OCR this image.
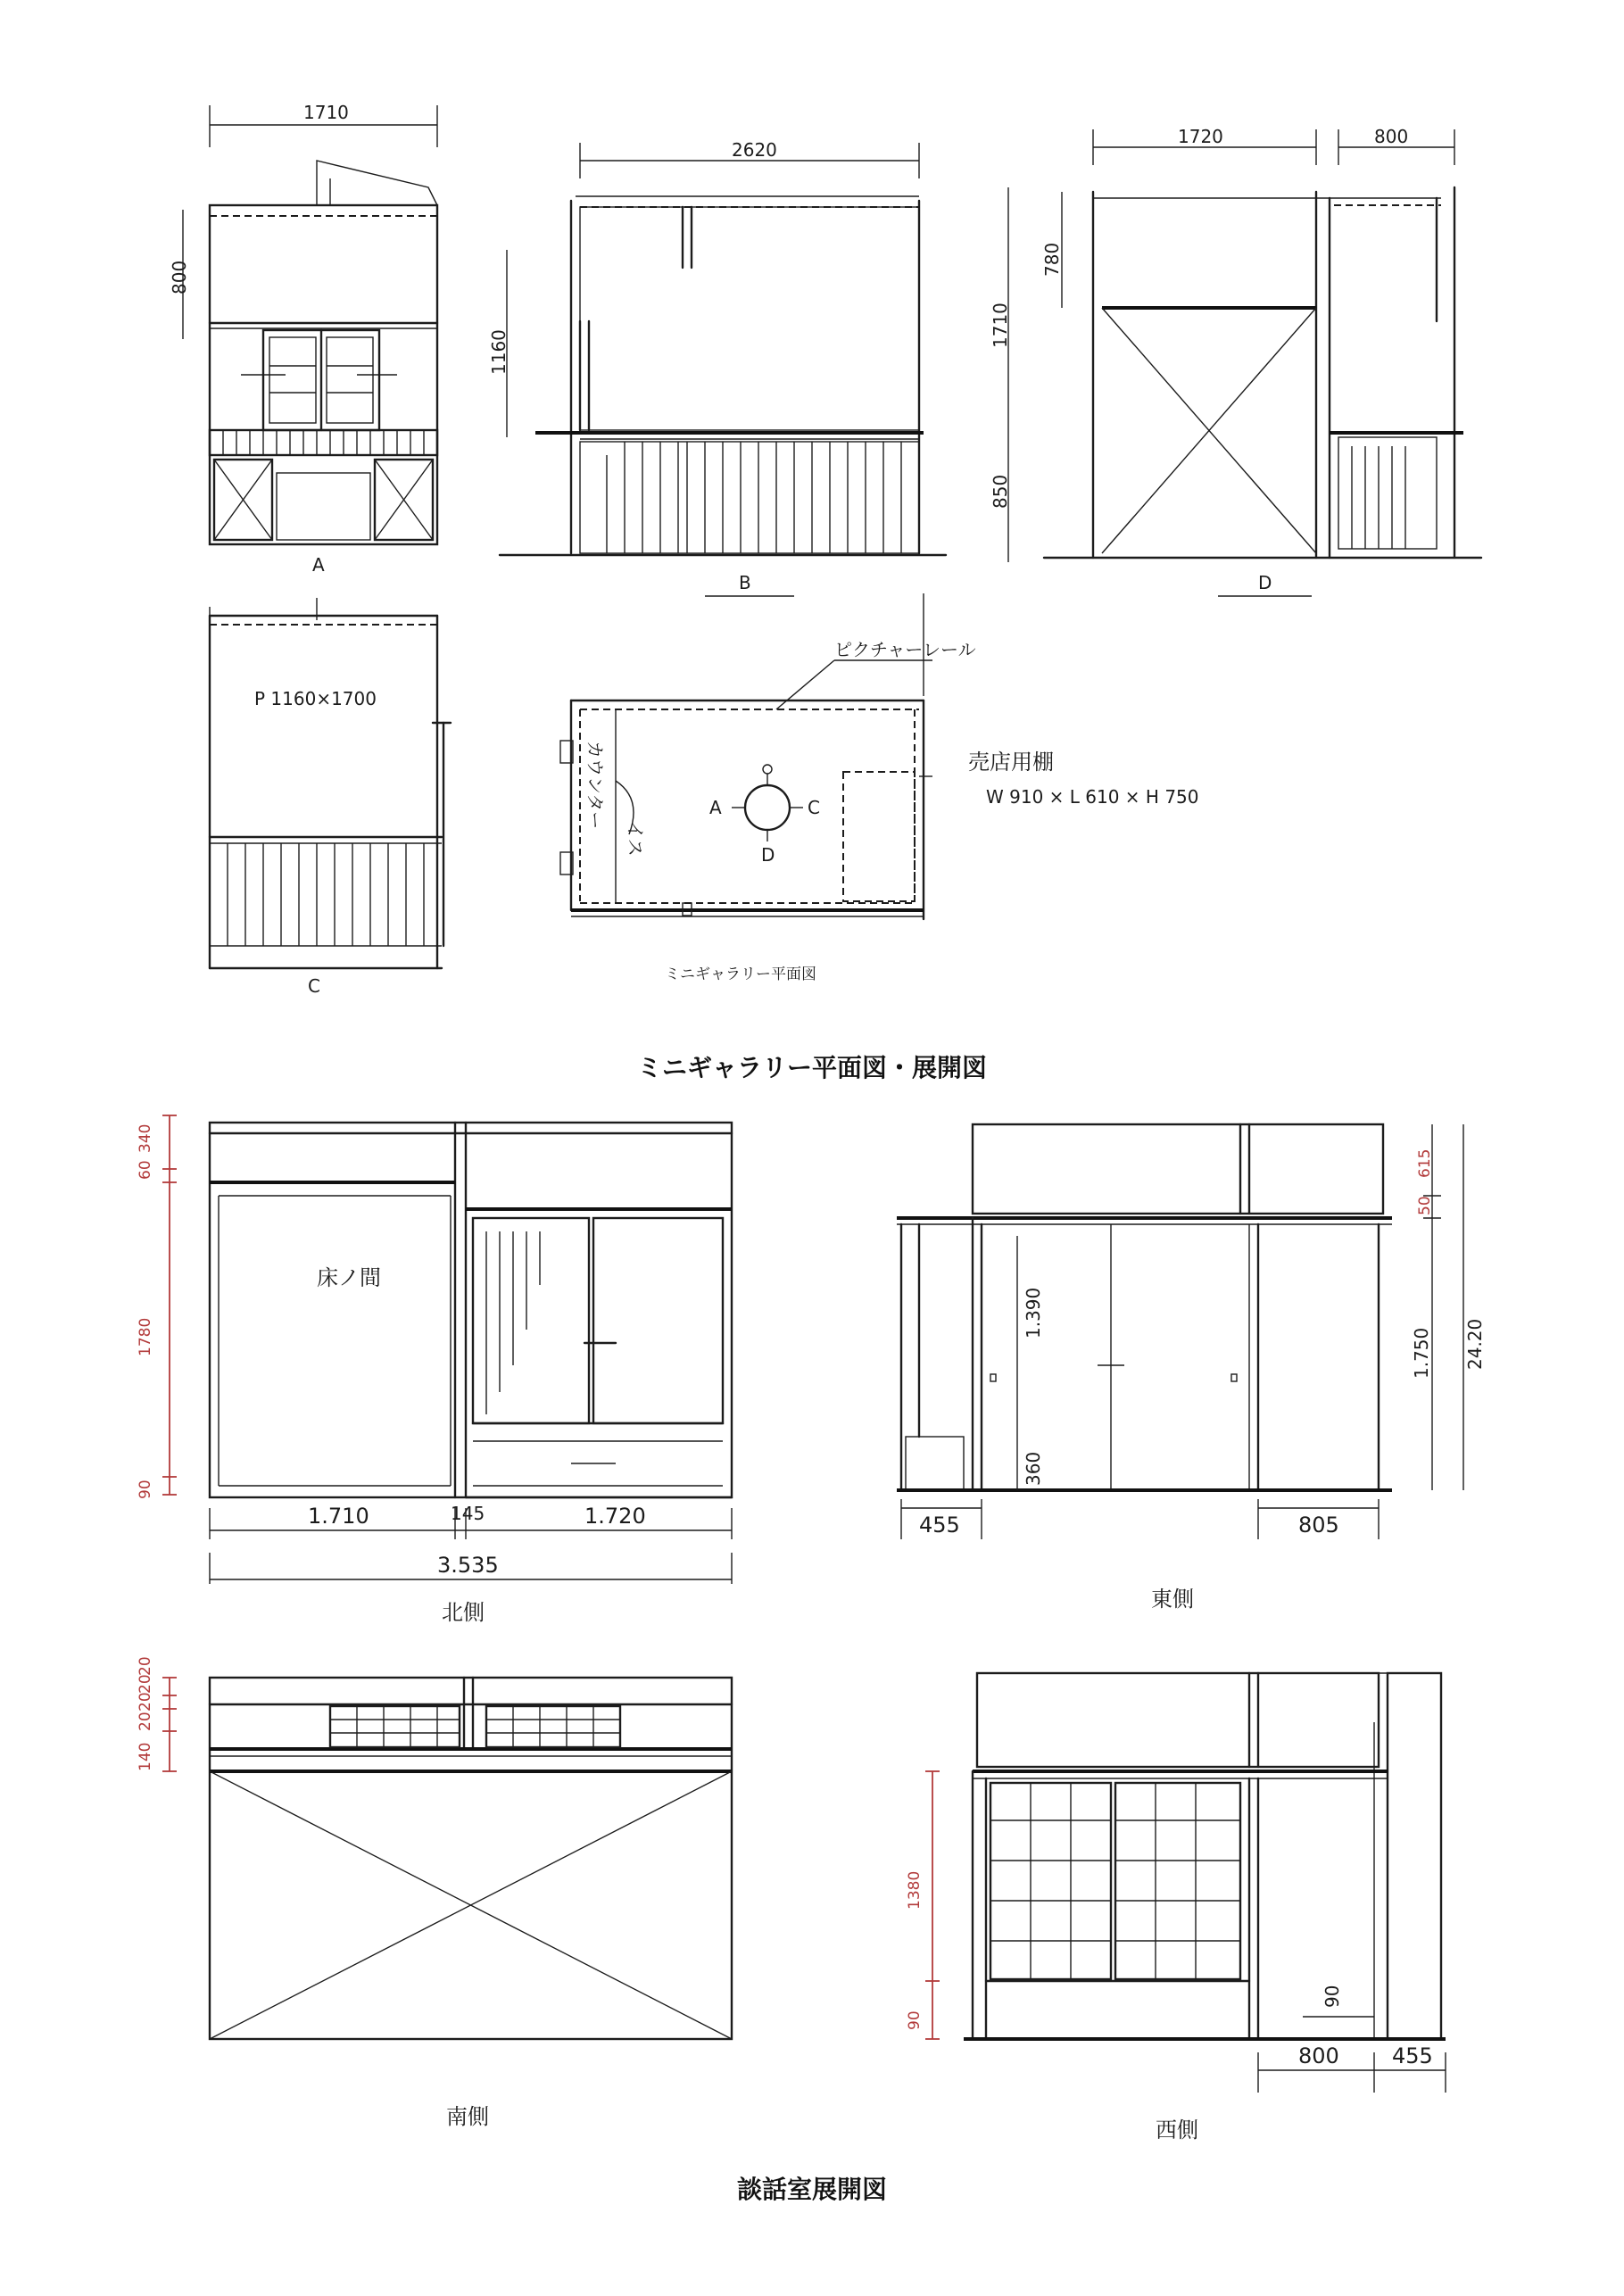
1710
800
A
2620
1160
1710
850
B
1720	800
780
D
P 1160×1700
C
ピクチャーレール
売店用棚
W 910 × L 610 × H 750
カウンター
イス
A	C
D
ミニギャラリー平面図
340
60
1780
90
床ノ間
1.710	145	1.720
3.535
北側
1.390
360
615
50
1.750 24.20
455	805
東側
140
20
20
20
20
南側
90
1380
90
800 455
西側
ミニギャラリー平面図・展開図
談話室展開図
